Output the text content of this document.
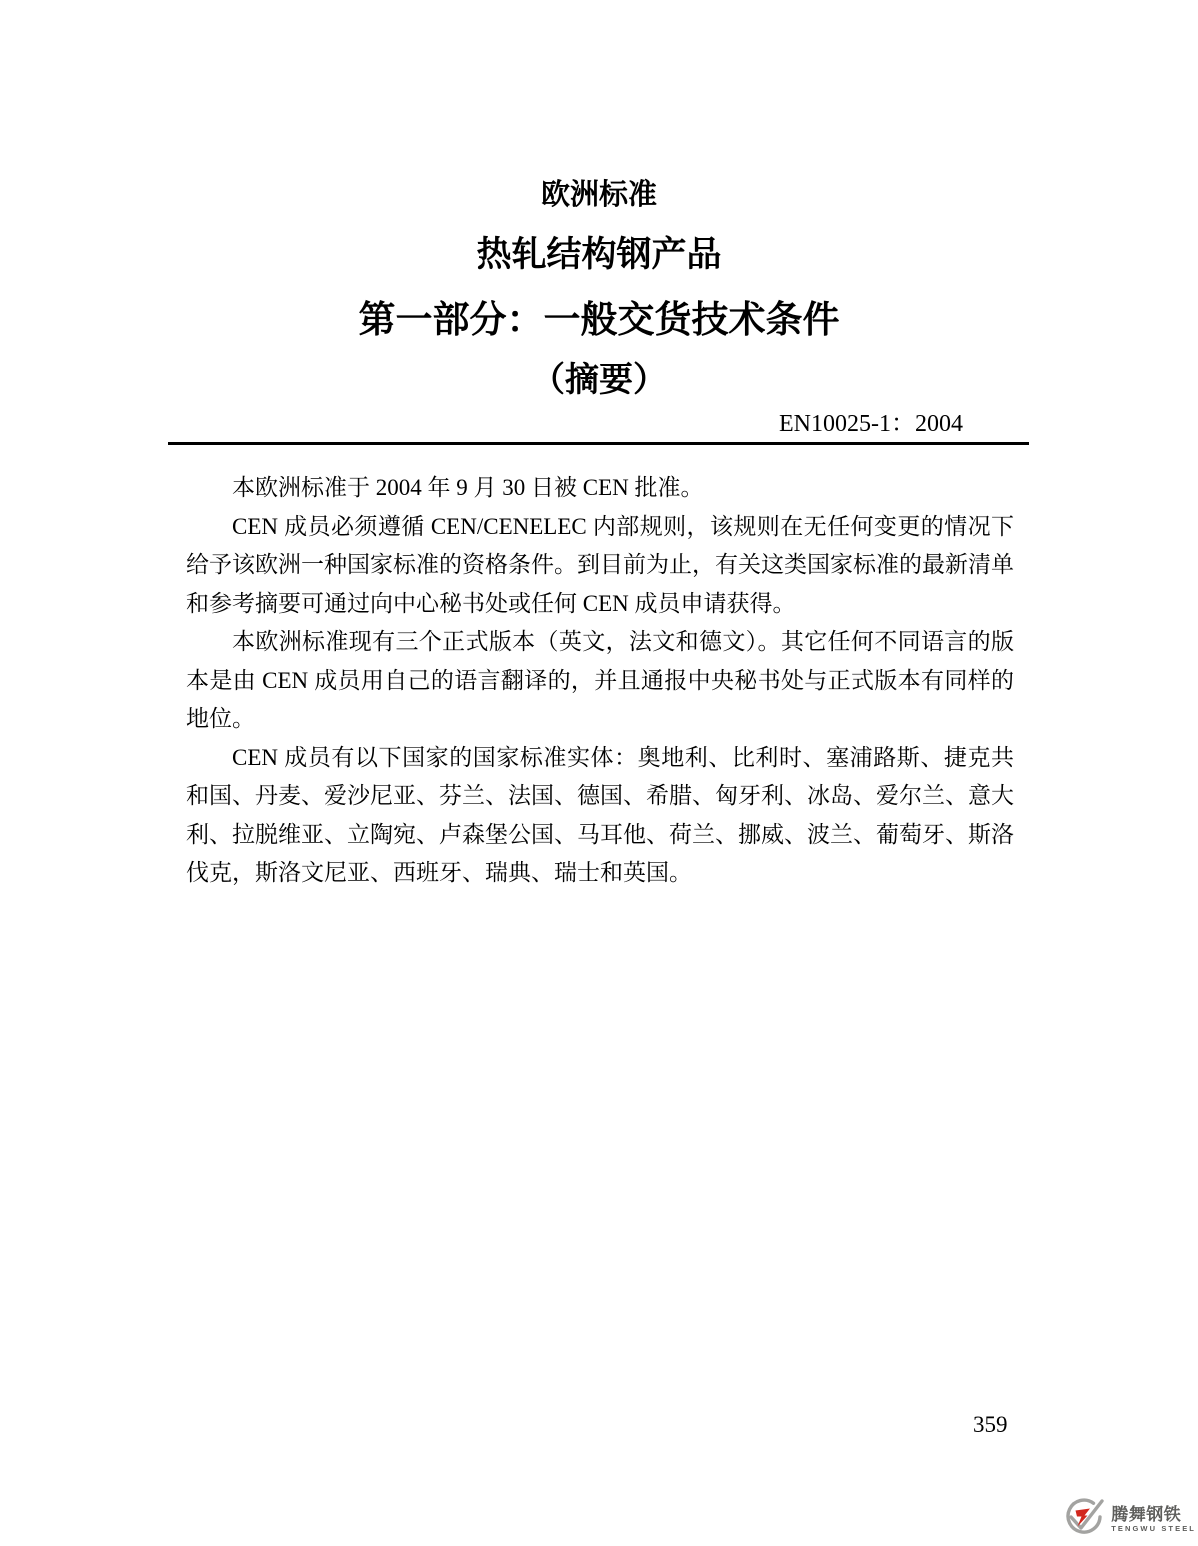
欧洲标准
热轧结构钢产品
第一部分：一般交货技术条件
（摘要）
EN10025-1：2004

本欧洲标准于 2004 年 9 月 30 日被 CEN 批准。

CEN 成员必须遵循 CEN/CENELEC 内部规则，该规则在无任何变更的情况下给予该欧洲一种国家标准的资格条件。到目前为止，有关这类国家标准的最新清单和参考摘要可通过向中心秘书处或任何 CEN 成员申请获得。

本欧洲标准现有三个正式版本（英文，法文和德文）。其它任何不同语言的版本是由 CEN 成员用自己的语言翻译的，并且通报中央秘书处与正式版本有同样的地位。

CEN 成员有以下国家的国家标准实体：奥地利、比利时、塞浦路斯、捷克共和国、丹麦、爱沙尼亚、芬兰、法国、德国、希腊、匈牙利、冰岛、爱尔兰、意大利、拉脱维亚、立陶宛、卢森堡公国、马耳他、荷兰、挪威、波兰、葡萄牙、斯洛伐克，斯洛文尼亚、西班牙、瑞典、瑞士和英国。

359
腾舞钢铁
TENGWU STEEL
